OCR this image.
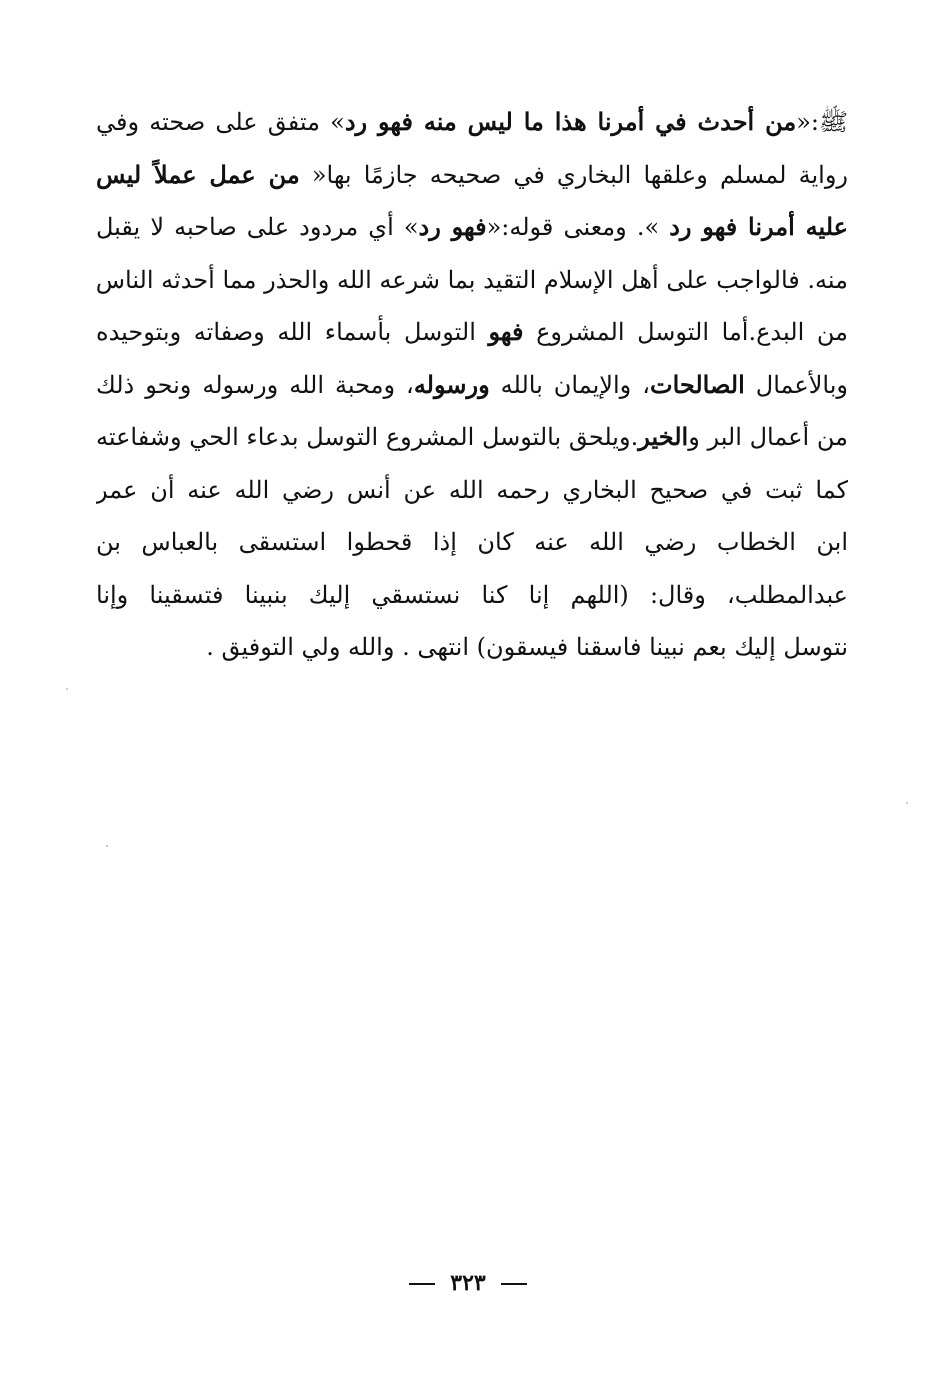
ﷺ:«من أحدث في أمرنا هذا ما ليس منه فهو رد» متفق على صحته وفي
رواية لمسلم وعلقها البخاري في صحيحه جازمًا بها« من عمل عملاً ليس
عليه أمرنا فهو رد ». ومعنى قوله:«فهو رد» أي مردود على صاحبه لا يقبل
منه. فالواجب على أهل الإسلام التقيد بما شرعه الله والحذر مما أحدثه الناس
من البدع.أما التوسل المشروع فهو التوسل بأسماء الله وصفاته وبتوحيده
وبالأعمال الصالحات، والإيمان بالله ورسوله، ومحبة الله ورسوله ونحو ذلك
من أعمال البر والخير.ويلحق بالتوسل المشروع التوسل بدعاء الحي وشفاعته
كما ثبت في صحيح البخاري رحمه الله عن أنس رضي الله عنه أن عمر
ابن الخطاب رضي الله عنه كان إذا قحطوا استسقى بالعباس بن
عبدالمطلب، وقال: (اللهم إنا كنا نستسقي إليك بنبينا فتسقينا وإنا
نتوسل إليك بعم نبينا فاسقنا فيسقون) انتهى . والله ولي التوفيق .
٣٢٣
